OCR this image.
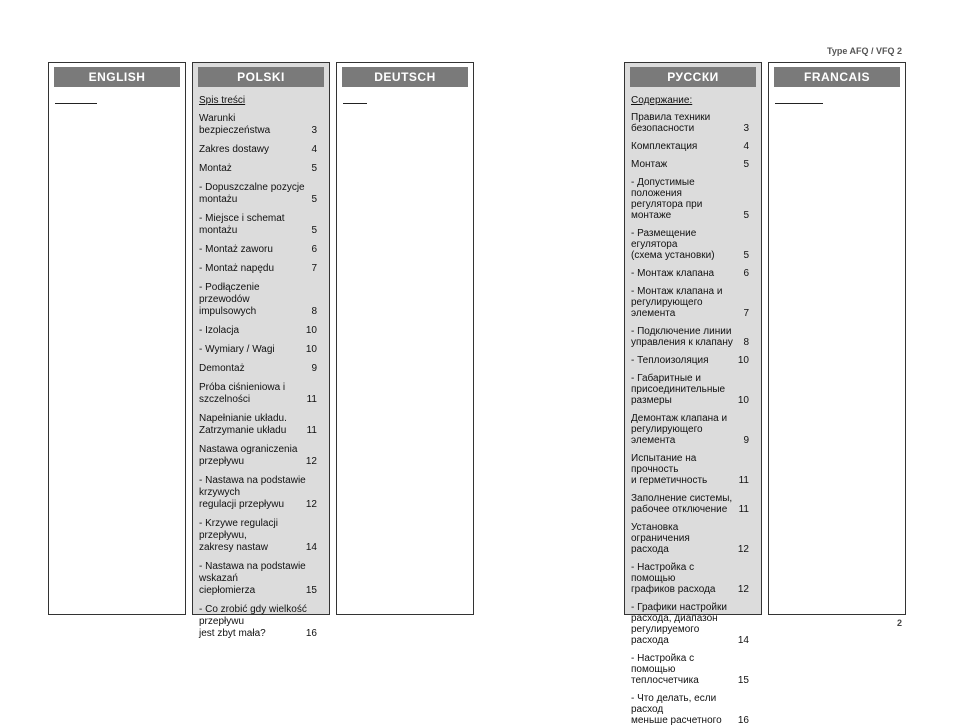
Type AFQ / VFQ 2
ENGLISH	POLSKI
Spis treści
Warunki bezpieczeństwa	3
Zakres dostawy	4
Montaż	5
- Dopuszczalne pozycje
montażu	5
- Miejsce i schemat
montażu	5
- Montaż zaworu	6
- Montaż napędu	7
- Podłączenie przewodów
impulsowych	8
- Izolacja	10
- Wymiary / Wagi	10
Demontaż	9
Próba ciśnieniowa i
szczelności	11
Napełnianie układu.
Zatrzymanie układu	11
Nastawa ograniczenia
przepływu	12
- Nastawa na podstawie
krzywych
regulacji przepływu	12
- Krzywe regulacji
przepływu,
zakresy nastaw	14
- Nastawa na podstawie
wskazań
ciepłomierza	15
- Co zrobić gdy wielkość
przepływu
jest zbyt mała?	16
DEUTSCH	РУССКИ
Содержание:
Правила техники
безопасности	3
Комплектация	4
Монтаж	5
- Допустимые положения
регулятора при монтаже	5
- Размещение егулятора
(схема установки)	5
- Монтаж клапана	6
- Монтаж клапана и
регулирующего элемента	7
- Подключение линии
управления к клапану	8
- Теплоизоляция	10
- Габаритные и
присоединительные
размеры	10
Демонтаж клапана и
регулирующего
элемента	9
Испытание на прочность
и герметичность	11
Заполнение системы,
рабочее отключение	11
Установка ограничения
расхода	12
- Настройка с помощью
графиков расхода	12
- Графики настройки
расхода, диапазон
регулируемого расхода	14
- Настройка с помощью
теплосчетчика	15
- Что делать, если расход
меньше расчетного	16
FRANCAIS
2
